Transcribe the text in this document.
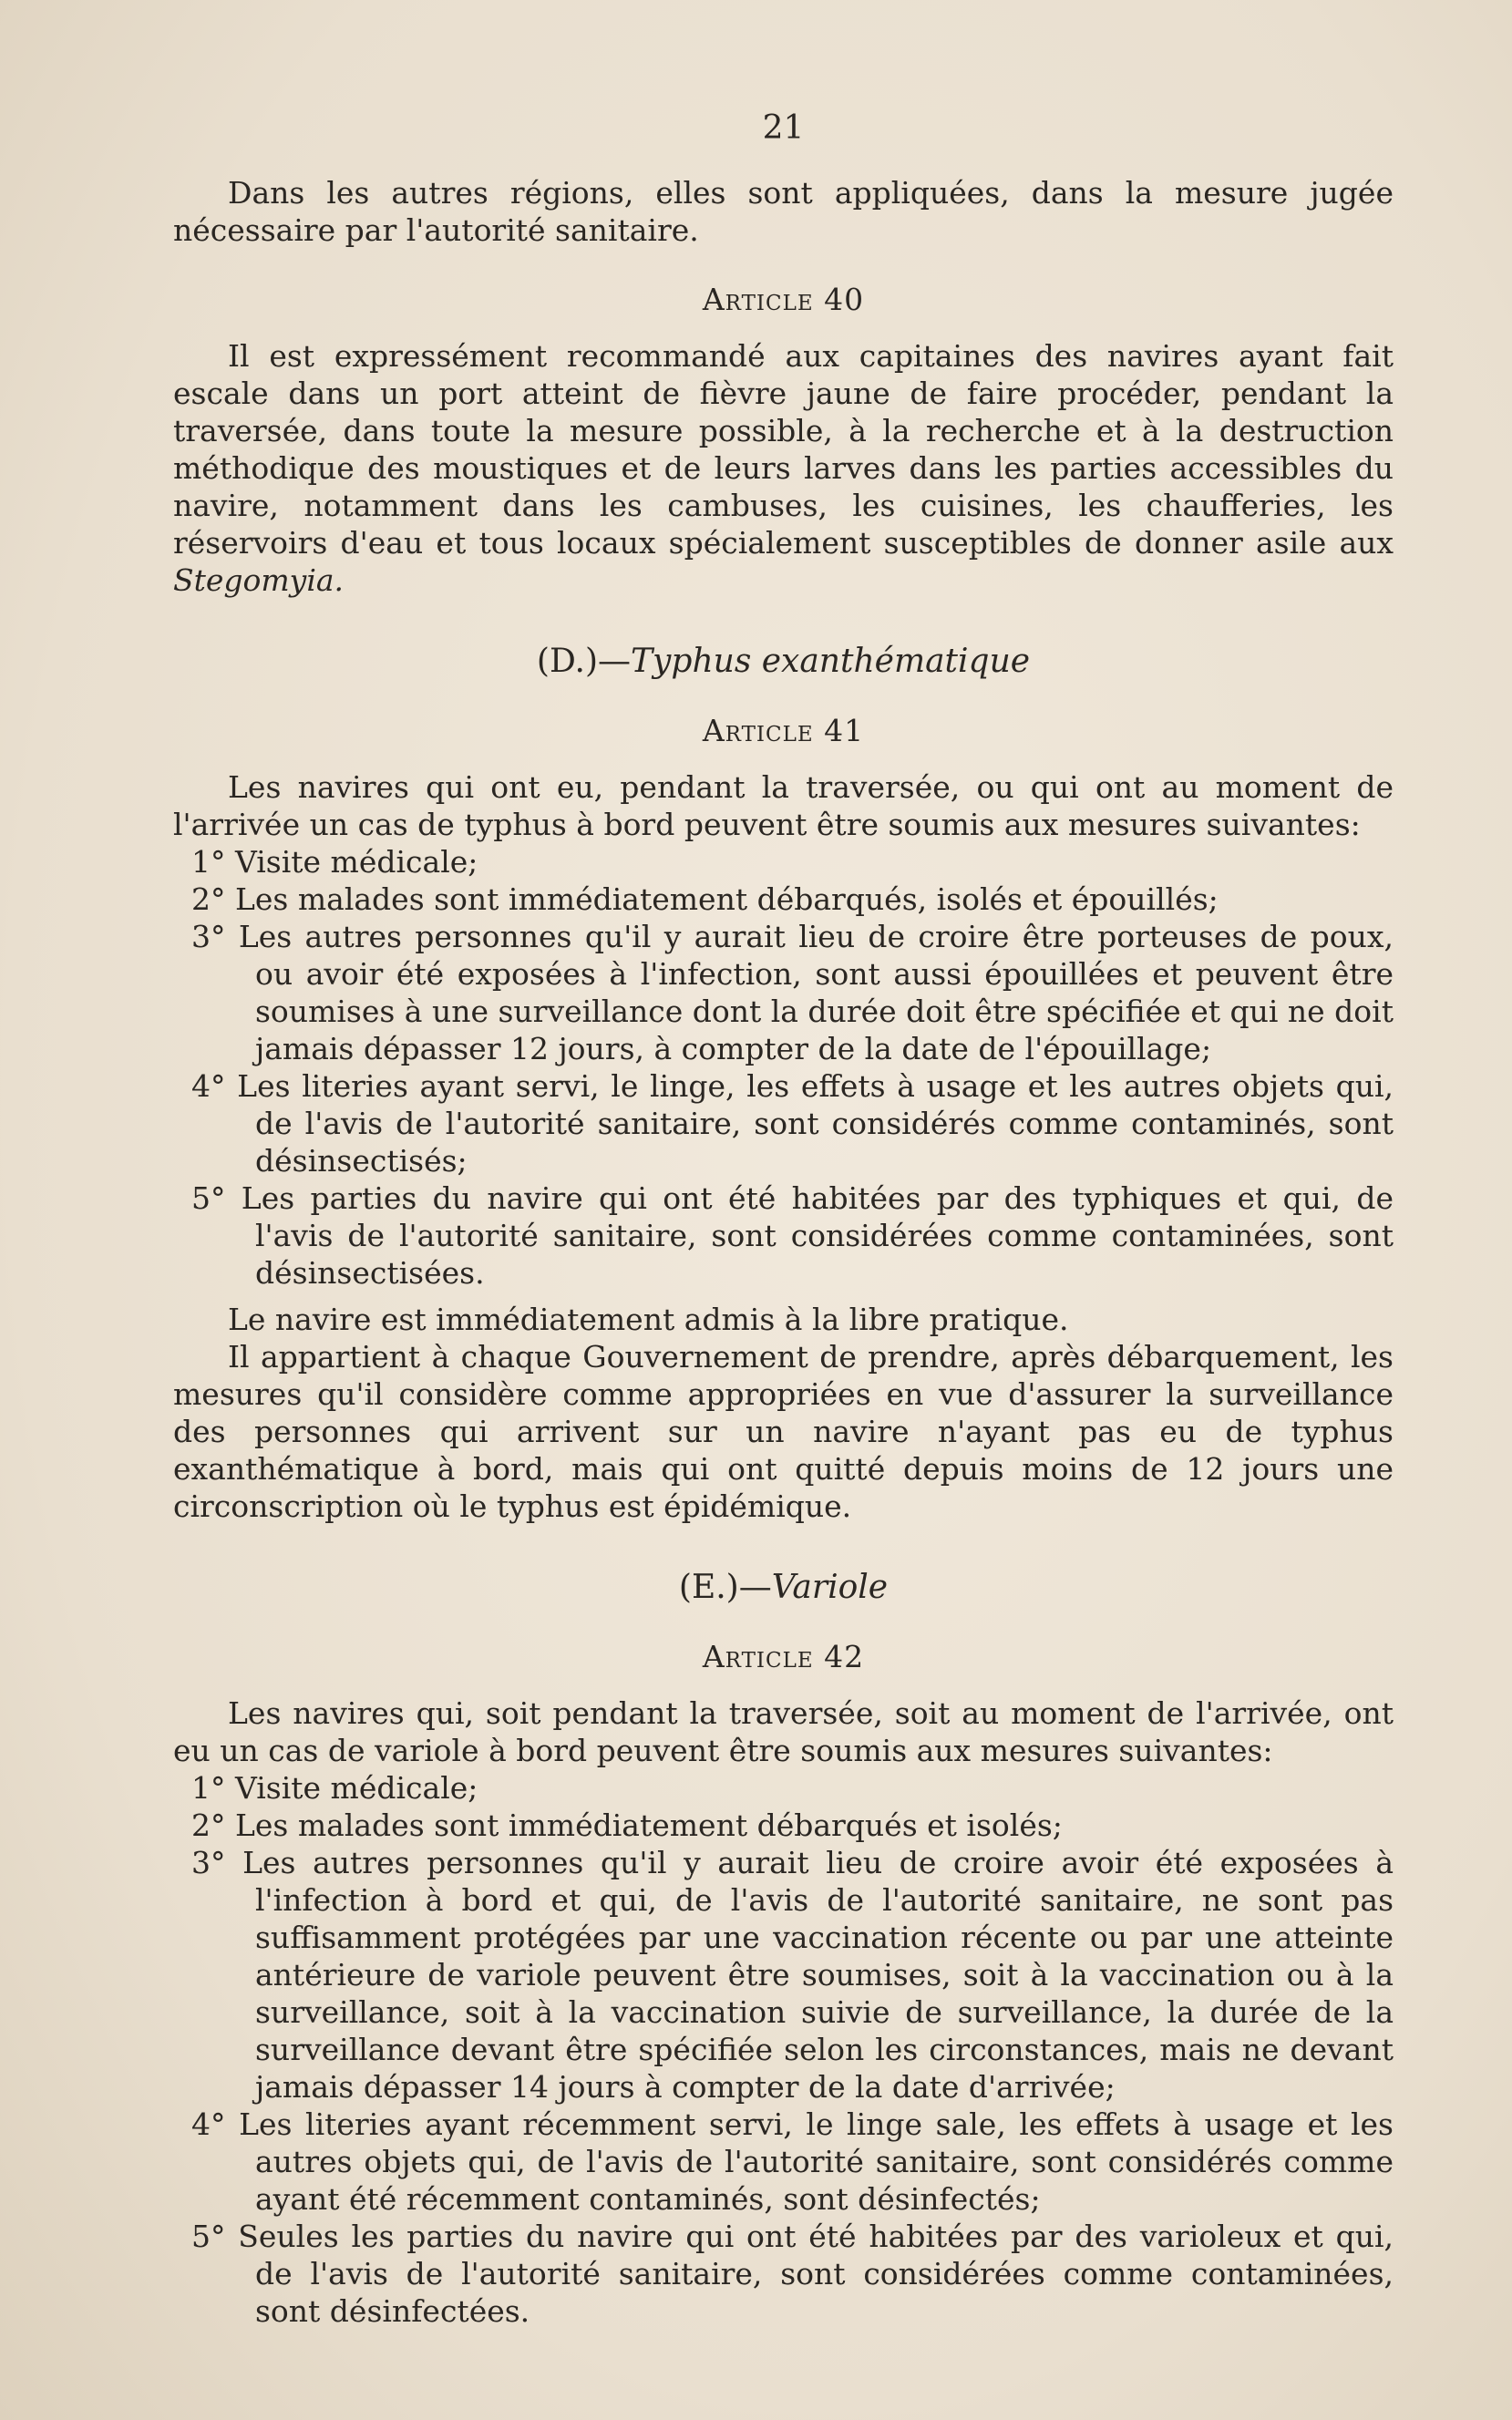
21

Dans les autres régions, elles sont appliquées, dans la mesure jugée nécessaire par l'autorité sanitaire.

Article 40

Il est expressément recommandé aux capitaines des navires ayant fait escale dans un port atteint de fièvre jaune de faire procéder, pendant la traversée, dans toute la mesure possible, à la recherche et à la destruction méthodique des moustiques et de leurs larves dans les parties accessibles du navire, notamment dans les cambuses, les cuisines, les chaufferies, les réservoirs d'eau et tous locaux spécialement susceptibles de donner asile aux Stegomyia.

(D.)—Typhus exanthématique
Article 41

Les navires qui ont eu, pendant la traversée, ou qui ont au moment de l'arrivée un cas de typhus à bord peuvent être soumis aux mesures suivantes:

1° Visite médicale;

2° Les malades sont immédiatement débarqués, isolés et épouillés;

3° Les autres personnes qu'il y aurait lieu de croire être porteuses de poux, ou avoir été exposées à l'infection, sont aussi épouillées et peuvent être soumises à une surveillance dont la durée doit être spécifiée et qui ne doit jamais dépasser 12 jours, à compter de la date de l'épouillage;

4° Les literies ayant servi, le linge, les effets à usage et les autres objets qui, de l'avis de l'autorité sanitaire, sont considérés comme contaminés, sont désinsectisés;

5° Les parties du navire qui ont été habitées par des typhiques et qui, de l'avis de l'autorité sanitaire, sont considérées comme contaminées, sont désinsectisées.

Le navire est immédiatement admis à la libre pratique.

Il appartient à chaque Gouvernement de prendre, après débarquement, les mesures qu'il considère comme appropriées en vue d'assurer la surveillance des personnes qui arrivent sur un navire n'ayant pas eu de typhus exanthématique à bord, mais qui ont quitté depuis moins de 12 jours une circonscription où le typhus est épidémique.

(E.)—Variole
Article 42

Les navires qui, soit pendant la traversée, soit au moment de l'arrivée, ont eu un cas de variole à bord peuvent être soumis aux mesures suivantes:

1° Visite médicale;

2° Les malades sont immédiatement débarqués et isolés;

3° Les autres personnes qu'il y aurait lieu de croire avoir été exposées à l'infection à bord et qui, de l'avis de l'autorité sanitaire, ne sont pas suffisamment protégées par une vaccination récente ou par une atteinte antérieure de variole peuvent être soumises, soit à la vaccination ou à la surveillance, soit à la vaccination suivie de surveillance, la durée de la surveillance devant être spécifiée selon les circonstances, mais ne devant jamais dépasser 14 jours à compter de la date d'arrivée;

4° Les literies ayant récemment servi, le linge sale, les effets à usage et les autres objets qui, de l'avis de l'autorité sanitaire, sont considérés comme ayant été récemment contaminés, sont désinfectés;

5° Seules les parties du navire qui ont été habitées par des varioleux et qui, de l'avis de l'autorité sanitaire, sont considérées comme contaminées, sont désinfectées.
